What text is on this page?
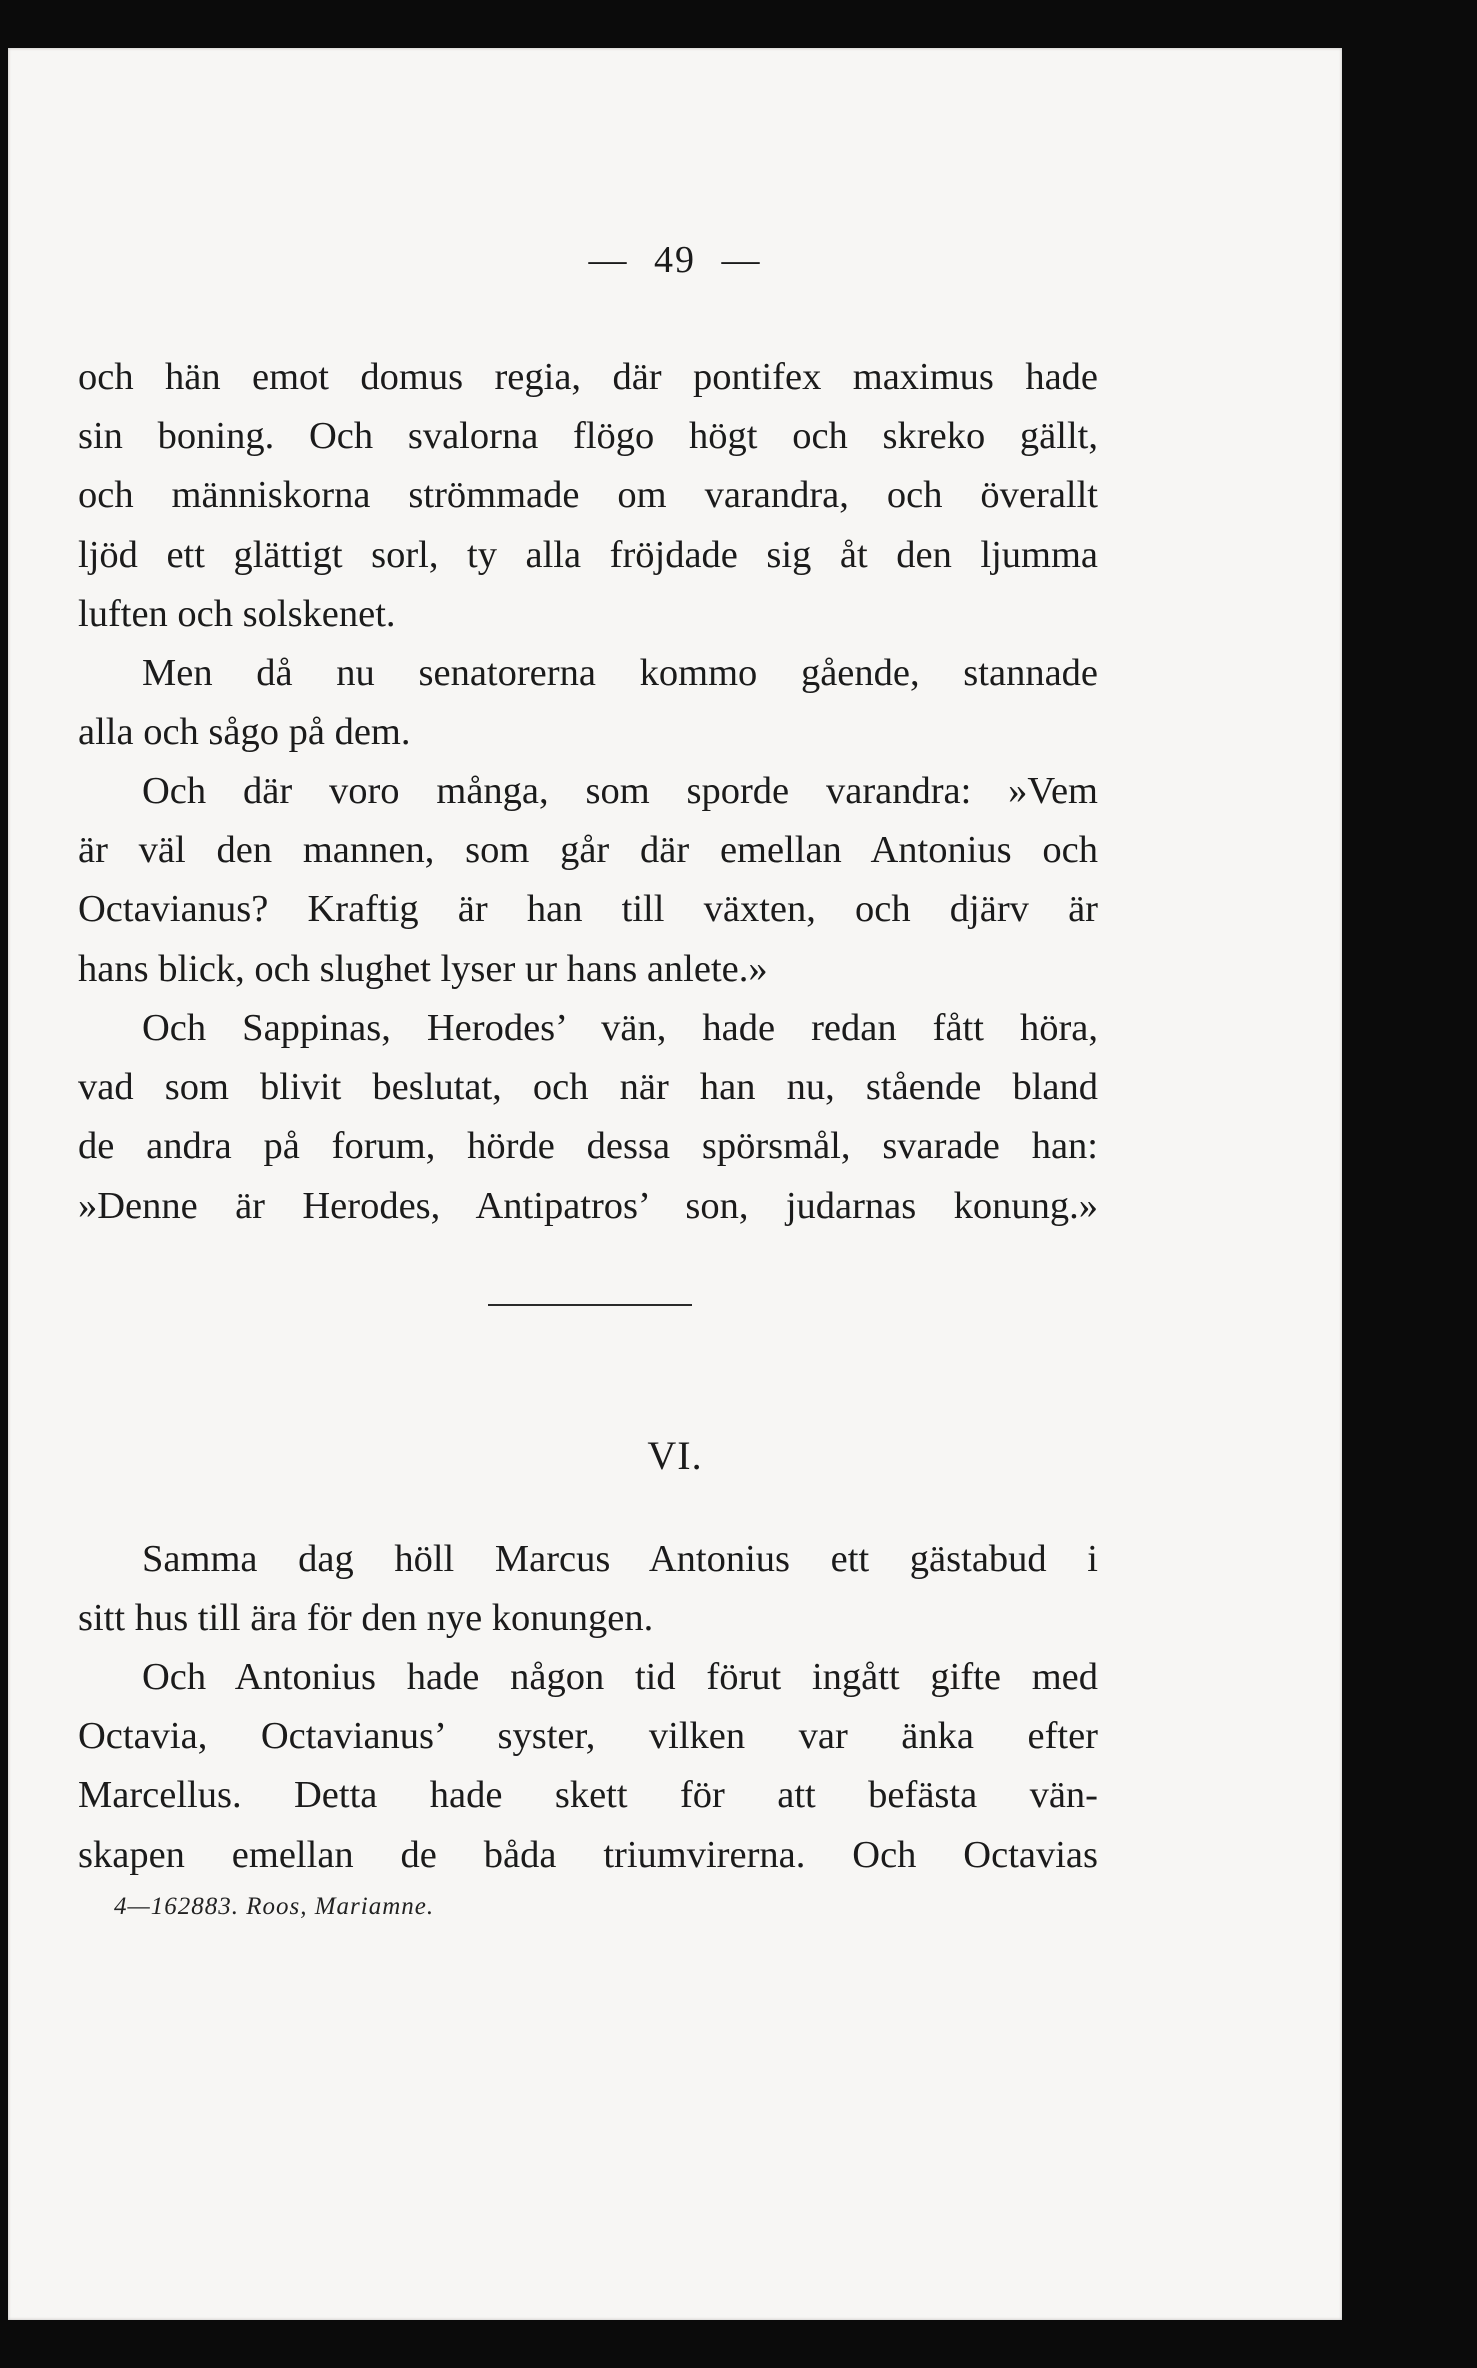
— 49 —
och hän emot domus regia, där pontifex maximus hade
sin boning. Och svalorna flögo högt och skreko gällt,
och människorna strömmade om varandra, och överallt
ljöd ett glättigt sorl, ty alla fröjdade sig åt den ljumma
luften och solskenet.
Men då nu senatorerna kommo gående, stannade
alla och sågo på dem.
Och där voro många, som sporde varandra: »Vem
är väl den mannen, som går där emellan Antonius och
Octavianus? Kraftig är han till växten, och djärv är
hans blick, och slughet lyser ur hans anlete.»
Och Sappinas, Herodes’ vän, hade redan fått höra,
vad som blivit beslutat, och när han nu, stående bland
de andra på forum, hörde dessa spörsmål, svarade han:
»Denne är Herodes, Antipatros’ son, judarnas konung.»
VI.
Samma dag höll Marcus Antonius ett gästabud i
sitt hus till ära för den nye konungen.
Och Antonius hade någon tid förut ingått gifte med
Octavia, Octavianus’ syster, vilken var änka efter
Marcellus. Detta hade skett för att befästa vän-
skapen emellan de båda triumvirerna. Och Octavias
4—162883. Roos, Mariamne.
